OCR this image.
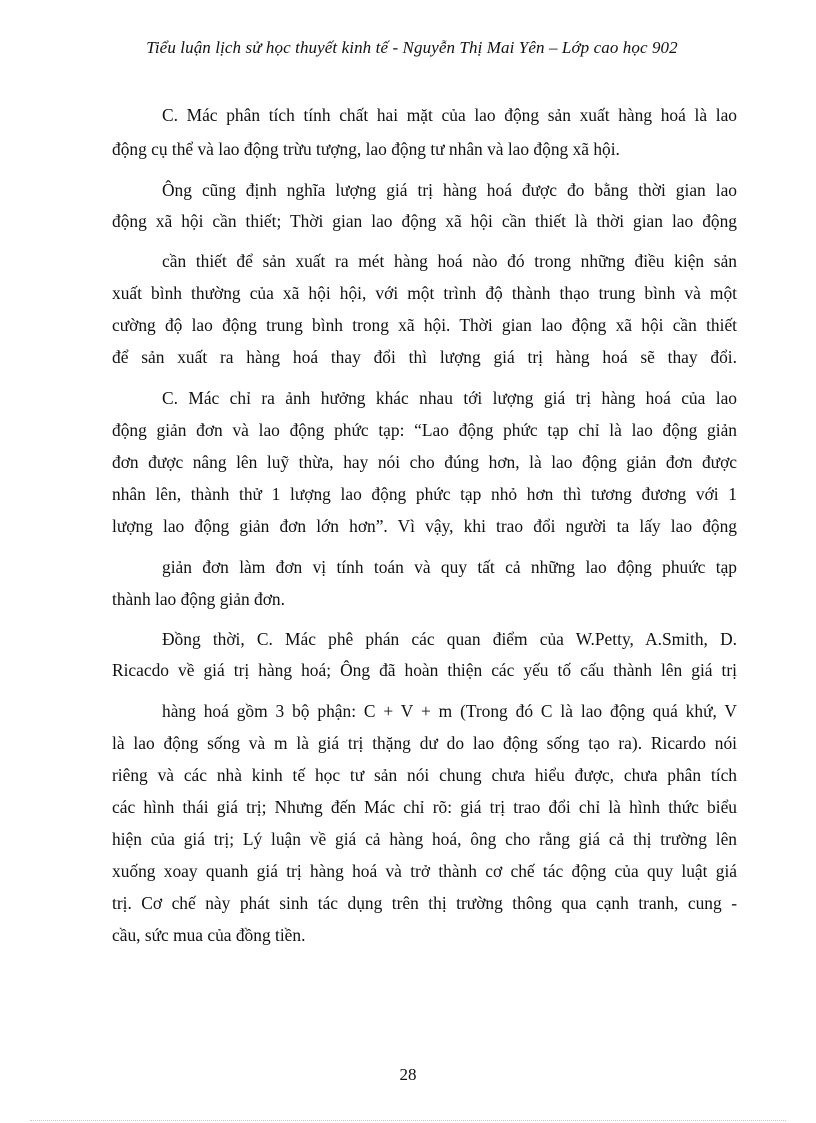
Tiểu luận lịch sử học thuyết kinh tế - Nguyễn Thị Mai Yên – Lớp cao học 902
C. Mác phân tích tính chất hai mặt của lao động sản xuất hàng hoá là lao
động cụ thể và lao động trừu tượng, lao động tư nhân và lao động xã hội.
Ông cũng định nghĩa lượng giá trị hàng hoá được đo bằng thời gian lao
động xã hội cần thiết; Thời gian lao động xã hội cần thiết là thời gian lao động
cần thiết để sản xuất ra mét hàng hoá nào đó trong những điều kiện sản
xuất bình thường của xã hội hội, với một trình độ thành thạo trung bình và một
cường độ lao động trung bình trong xã hội. Thời gian lao động xã hội cần thiết
để sản xuất ra hàng hoá thay đổi thì lượng giá trị hàng hoá sẽ thay đổi.
C. Mác chỉ ra ảnh hưởng khác nhau tới lượng giá trị hàng hoá của lao
động giản đơn và lao động phức tạp: “Lao động phức tạp chỉ là lao động giản
đơn được nâng lên luỹ thừa, hay nói cho đúng hơn, là lao động giản đơn được
nhân lên, thành thử 1 lượng lao động phức tạp nhỏ hơn thì tương đương với 1
lượng lao động giản đơn lớn hơn”. Vì vậy, khi trao đổi người ta lấy lao động
giản đơn làm đơn vị tính toán và quy tất cả những lao động phuức tạp
thành lao động giản đơn.
Đồng thời, C. Mác phê phán các quan điểm của W.Petty, A.Smith, D.
Ricacdo về giá trị hàng hoá; Ông đã hoàn thiện các yếu tố cấu thành lên giá trị
hàng hoá gồm 3 bộ phận: C + V + m (Trong đó C là lao động quá khứ, V
là lao động sống và m là giá trị thặng dư do lao động sống tạo ra). Ricardo nói
riêng và các nhà kinh tế học tư sản nói chung chưa hiểu được, chưa phân tích
các hình thái giá trị; Nhưng đến Mác chỉ rõ: giá trị trao đổi chỉ là hình thức biểu
hiện của giá trị; Lý luận về giá cả hàng hoá, ông cho rằng giá cả thị trường lên
xuống xoay quanh giá trị hàng hoá và trở thành cơ chế tác động của quy luật giá
trị. Cơ chế này phát sinh tác dụng trên thị trường thông qua cạnh tranh, cung -
cầu, sức mua của đồng tiền.
28
